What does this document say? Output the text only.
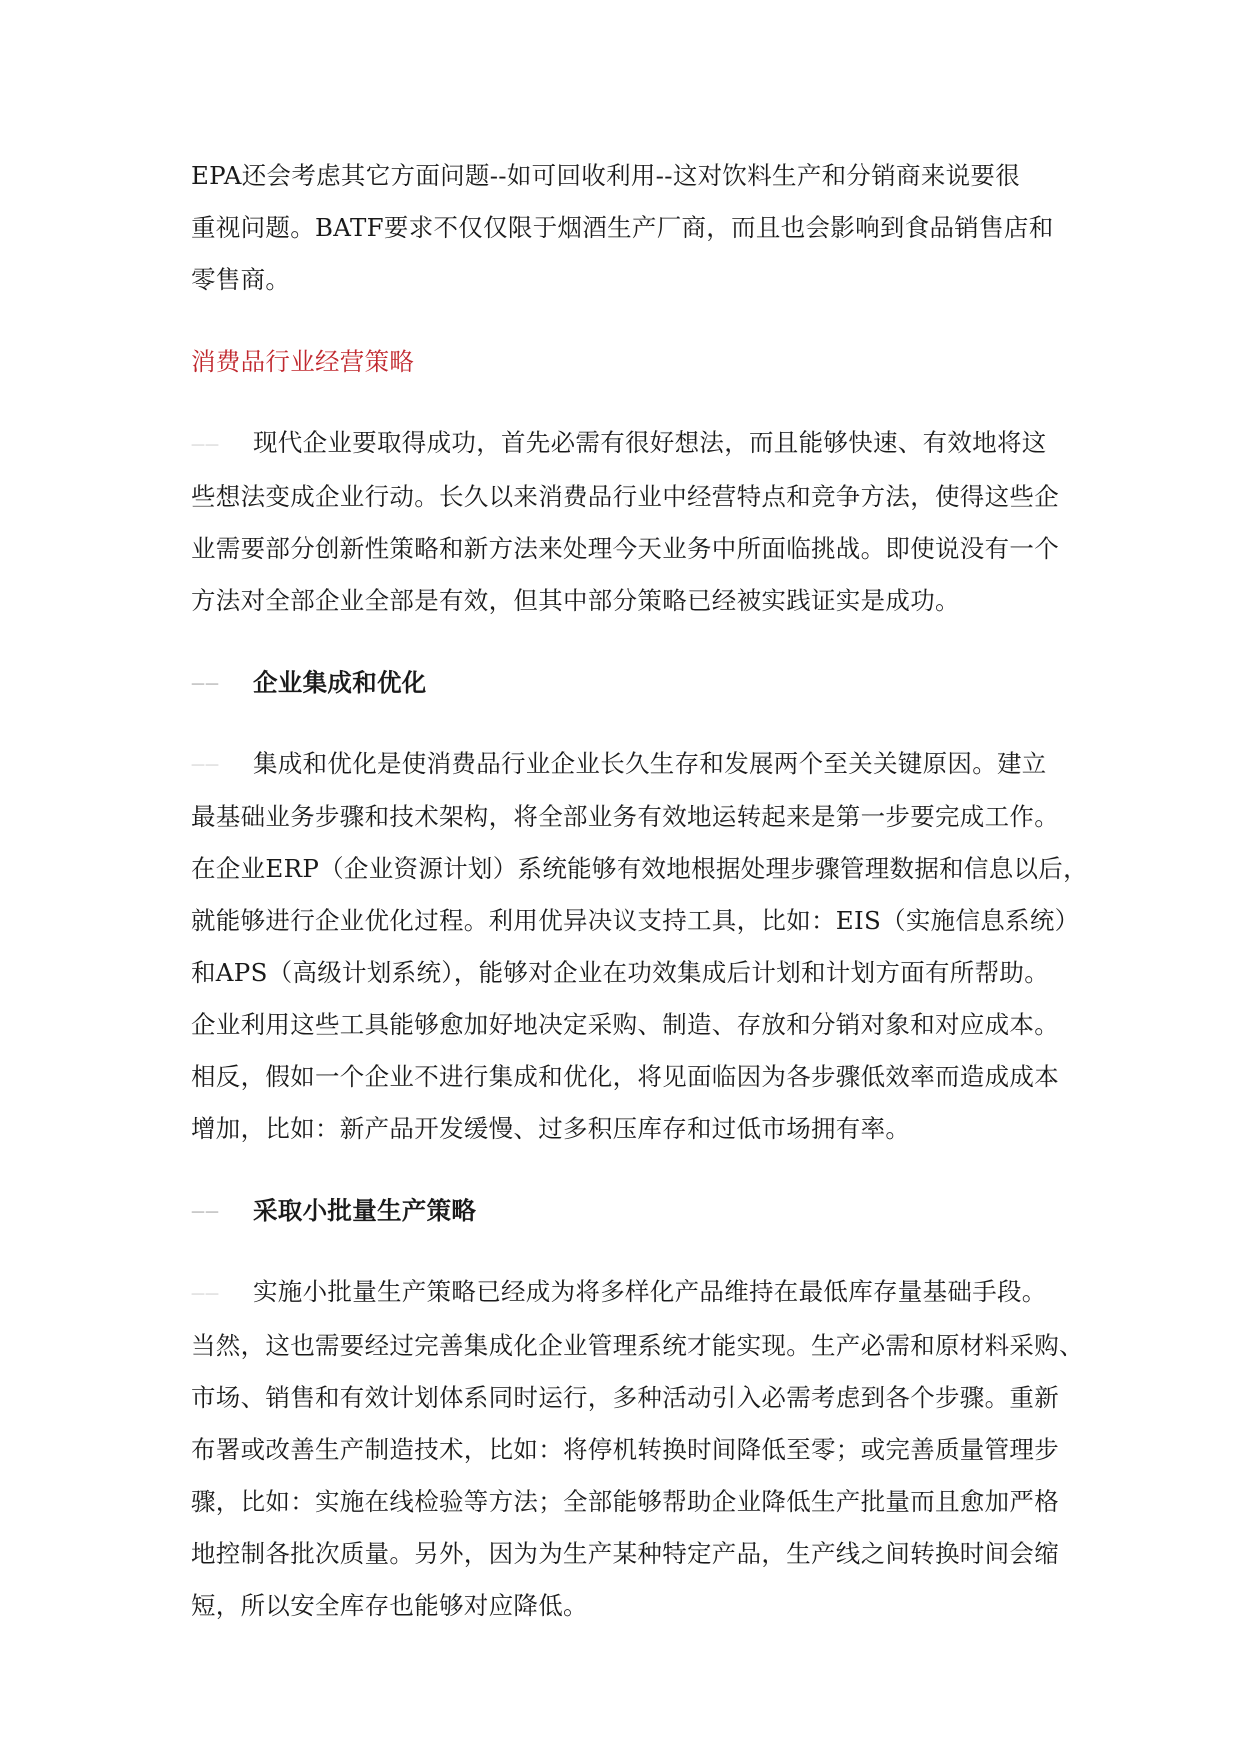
EPA还会考虑其它方面问题--如可回收利用--这对饮料生产和分销商来说要很
重视问题。BATF要求不仅仅限于烟酒生产厂商，而且也会影响到食品销售店和
零售商。

消费品行业经营策略

—— 现代企业要取得成功，首先必需有很好想法，而且能够快速、有效地将这
些想法变成企业行动。长久以来消费品行业中经营特点和竞争方法，使得这些企
业需要部分创新性策略和新方法来处理今天业务中所面临挑战。即使说没有一个
方法对全部企业全部是有效，但其中部分策略已经被实践证实是成功。

—— 企业集成和优化

—— 集成和优化是使消费品行业企业长久生存和发展两个至关关键原因。建立
最基础业务步骤和技术架构，将全部业务有效地运转起来是第一步要完成工作。
在企业ERP（企业资源计划）系统能够有效地根据处理步骤管理数据和信息以后，
就能够进行企业优化过程。利用优异决议支持工具，比如：EIS（实施信息系统）
和APS（高级计划系统），能够对企业在功效集成后计划和计划方面有所帮助。
企业利用这些工具能够愈加好地决定采购、制造、存放和分销对象和对应成本。
相反，假如一个企业不进行集成和优化，将见面临因为各步骤低效率而造成成本
增加，比如：新产品开发缓慢、过多积压库存和过低市场拥有率。

—— 采取小批量生产策略

—— 实施小批量生产策略已经成为将多样化产品维持在最低库存量基础手段。
当然，这也需要经过完善集成化企业管理系统才能实现。生产必需和原材料采购、
市场、销售和有效计划体系同时运行，多种活动引入必需考虑到各个步骤。重新
布署或改善生产制造技术，比如：将停机转换时间降低至零；或完善质量管理步
骤，比如：实施在线检验等方法；全部能够帮助企业降低生产批量而且愈加严格
地控制各批次质量。另外，因为为生产某种特定产品，生产线之间转换时间会缩
短，所以安全库存也能够对应降低。
